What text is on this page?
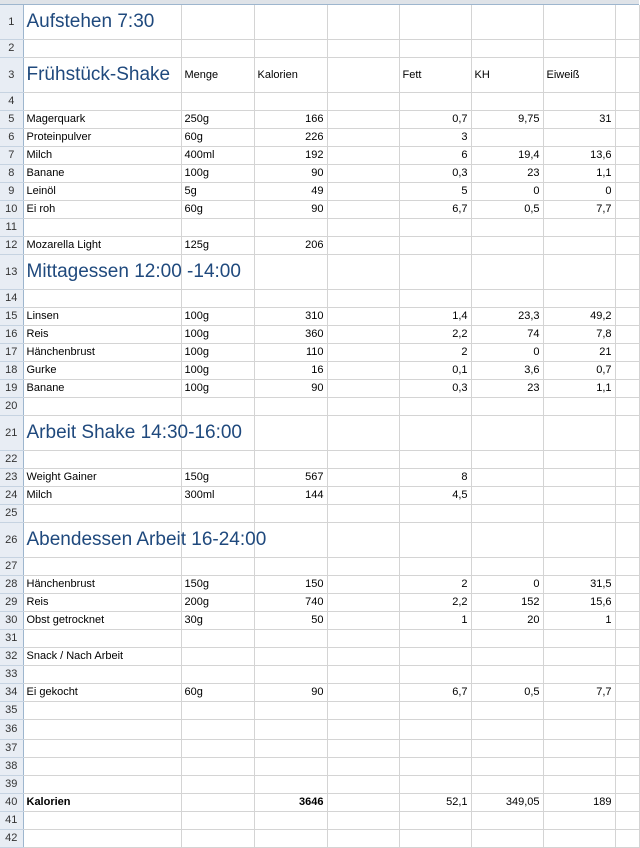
1	Aufstehen 7:30							
2								
3	Frühstück-Shake	Menge	Kalorien		Fett	KH	Eiweiß	
4								
5	Magerquark	250g	166		0,7	9,75	31	
6	Proteinpulver	60g	226		3			
7	Milch	400ml	192		6	19,4	13,6	
8	Banane	100g	90		0,3	23	1,1	
9	Leinöl	5g	49		5	0	0	
10	Ei roh	60g	90		6,7	0,5	7,7	
11								
12	Mozarella Light	125g	206					
13	Mittagessen 12:00 -14:00							
14								
15	Linsen	100g	310		1,4	23,3	49,2	
16	Reis	100g	360		2,2	74	7,8	
17	Hänchenbrust	100g	110		2	0	21	
18	Gurke	100g	16		0,1	3,6	0,7	
19	Banane	100g	90		0,3	23	1,1	
20								
21	Arbeit Shake 14:30-16:00							
22								
23	Weight Gainer	150g	567		8			
24	Milch	300ml	144		4,5			
25								
26	Abendessen Arbeit 16-24:00							
27								
28	Hänchenbrust	150g	150		2	0	31,5	
29	Reis	200g	740		2,2	152	15,6	
30	Obst getrocknet	30g	50		1	20	1	
31								
32	Snack / Nach Arbeit							
33								
34	Ei gekocht	60g	90		6,7	0,5	7,7	
35								
36								
37								
38								
39								
40	Kalorien		3646		52,1	349,05	189	
41								
42								
